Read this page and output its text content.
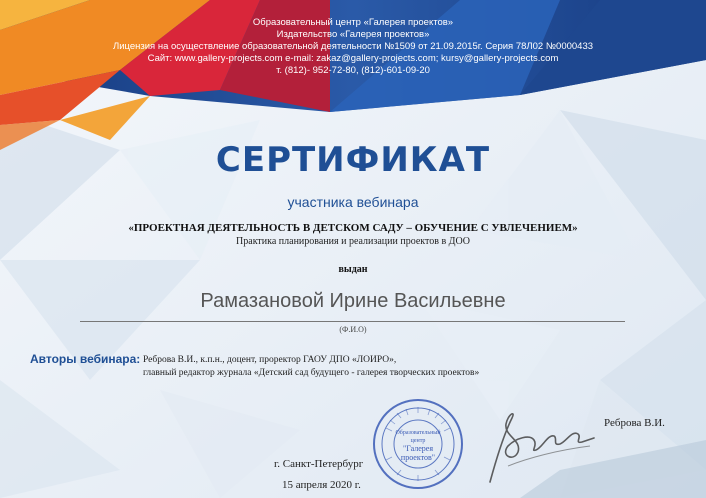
Образовательный центр «Галерея проектов»
Издательство «Галерея проектов»
Лицензия на осуществление образовательной деятельности №1509 от 21.09.2015г. Серия 78Л02 №0000433
Сайт: www.gallery-projects.com e-mail: zakaz@gallery-projects.com; kursy@gallery-projects.com
т. (812)- 952-72-80, (812)-601-09-20
СЕРТИФИКАТ
участника вебинара
«ПРОЕКТНАЯ ДЕЯТЕЛЬНОСТЬ В ДЕТСКОМ САДУ – ОБУЧЕНИЕ С УВЛЕЧЕНИЕМ»
Практика планирования и реализации проектов в ДОО
выдан
Рамазановой Ирине Васильевне
(Ф.И.О)
Авторы вебинара: Реброва В.И., к.п.н., доцент, проректор ГАОУ ДПО «ЛОИРО»,
главный редактор журнала «Детский сад будущего - галерея творческих проектов»
Образовательный
центр
"Галерея
проектов"
г. Санкт-Петербург
15 апреля 2020 г.
Реброва В.И.
